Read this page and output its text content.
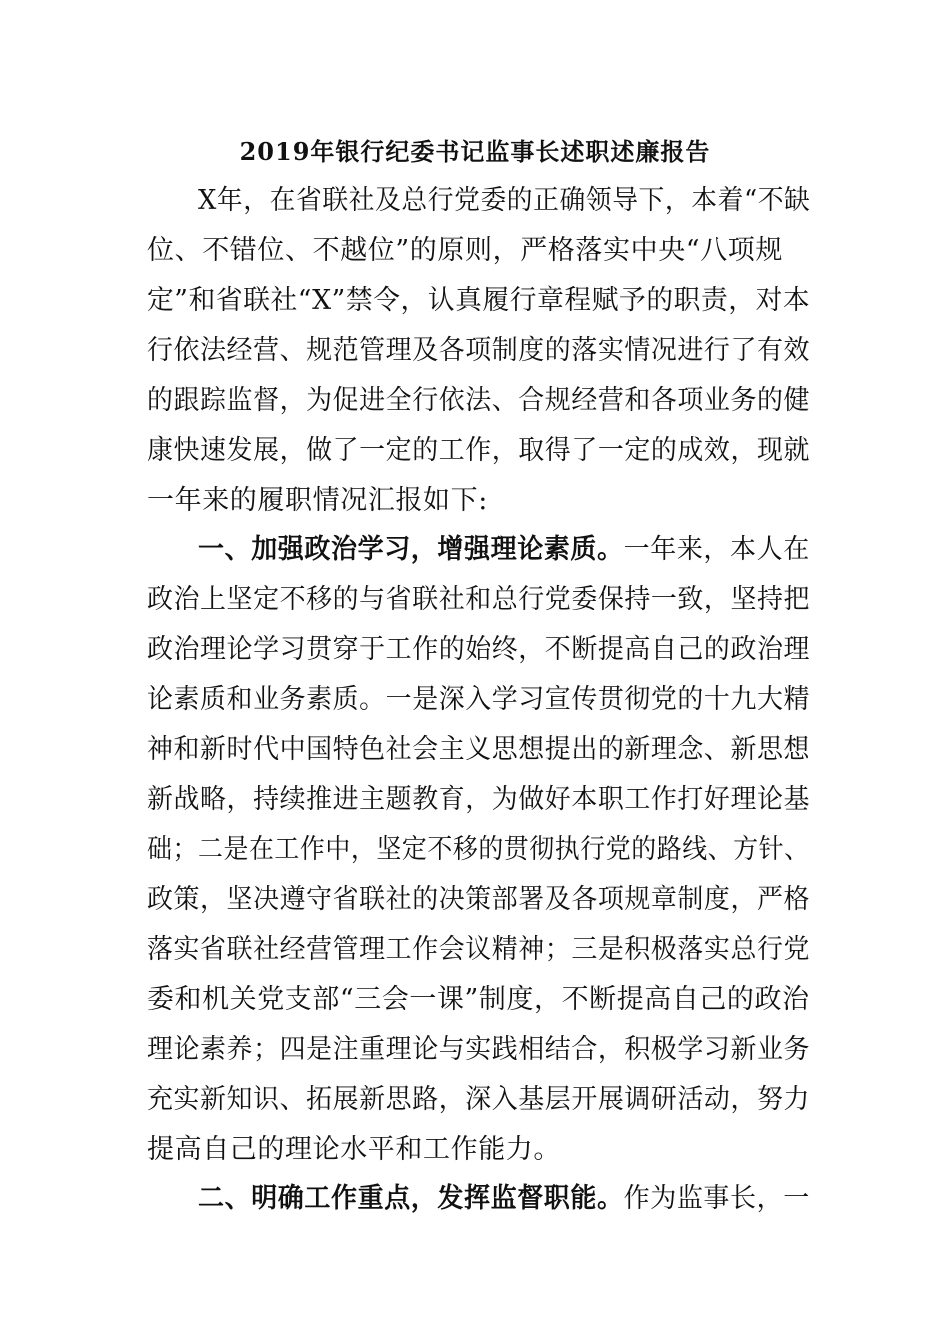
2019年银行纪委书记监事长述职述廉报告
X年，在省联社及总行党委的正确领导下，本着“不缺
位、不错位、不越位”的原则，严格落实中央“八项规
定”和省联社“X”禁令，认真履行章程赋予的职责，对本
行依法经营、规范管理及各项制度的落实情况进行了有效
的跟踪监督，为促进全行依法、合规经营和各项业务的健
康快速发展，做了一定的工作，取得了一定的成效，现就
一年来的履职情况汇报如下:
一、加强政治学习，增强理论素质。一年来，本人在
政治上坚定不移的与省联社和总行党委保持一致，坚持把
政治理论学习贯穿于工作的始终，不断提高自己的政治理
论素质和业务素质。一是深入学习宣传贯彻党的十九大精
神和新时代中国特色社会主义思想提出的新理念、新思想
新战略，持续推进主题教育，为做好本职工作打好理论基
础；二是在工作中，坚定不移的贯彻执行党的路线、方针、
政策，坚决遵守省联社的决策部署及各项规章制度，严格
落实省联社经营管理工作会议精神；三是积极落实总行党
委和机关党支部“三会一课”制度，不断提高自己的政治
理论素养；四是注重理论与实践相结合，积极学习新业务
充实新知识、拓展新思路，深入基层开展调研活动，努力
提高自己的理论水平和工作能力。
二、明确工作重点，发挥监督职能。作为监事长，一
